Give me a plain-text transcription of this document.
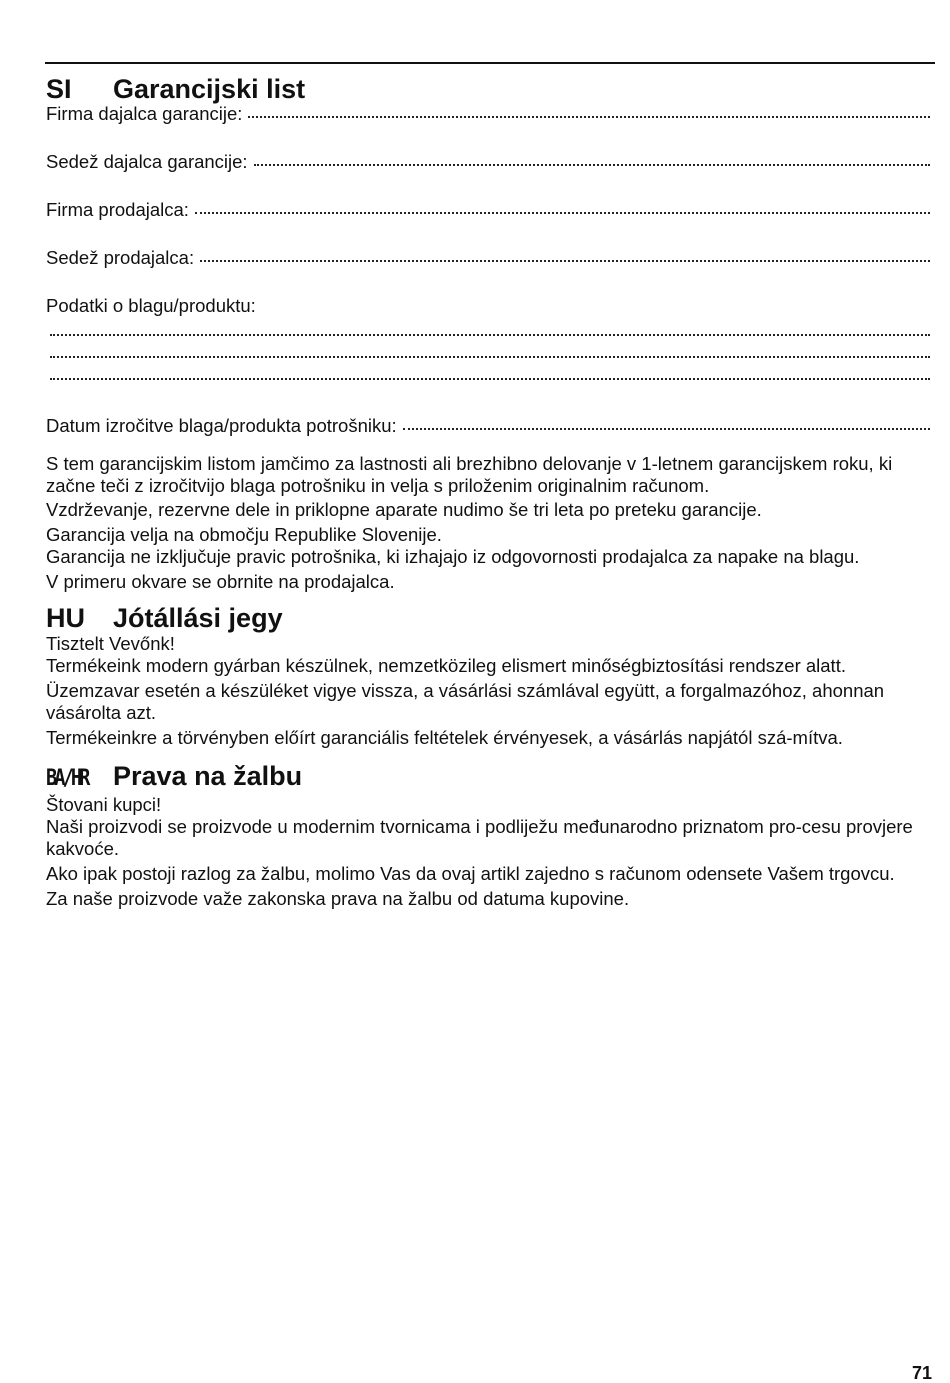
SI	Garancijski list
Firma dajalca garancije:
Sedež dajalca garancije:
Firma prodajalca:
Sedež prodajalca:
Podatki o blagu/produktu:
Datum izročitve blaga/produkta potrošniku:

S tem garancijskim listom jamčimo za lastnosti ali brezhibno delovanje v 1-letnem garancijskem roku, ki začne teči z izročitvijo blaga potrošniku in velja s priloženim originalnim računom.

Vzdrževanje, rezervne dele in priklopne aparate nudimo še tri leta po preteku garancije.

Garancija velja na območju Republike Slovenije.

Garancija ne izključuje pravic potrošnika, ki izhajajo iz odgovornosti prodajalca za napake na blagu.

V primeru okvare se obrnite na prodajalca.

HU	Jótállási jegy

Tisztelt Vevőnk!

Termékeink modern gyárban készülnek, nemzetközileg elismert minőségbiztosítási rendszer alatt.

Üzemzavar esetén a készüléket vigye vissza, a vásárlási számlával együtt, a forgalmazóhoz, ahonnan vásárolta azt.

Termékeinkre a törvényben előírt garanciális feltételek érvényesek, a vásárlás napjától szá-mítva.

BA/HR Prava na žalbu

Štovani kupci!

Naši proizvodi se proizvode u modernim tvornicama i podliježu međunarodno priznatom pro-cesu provjere kakvoće.

Ako ipak postoji razlog za žalbu, molimo Vas da ovaj artikl zajedno s računom odensete Vašem trgovcu.

Za naše proizvode važe zakonska prava na žalbu od datuma kupovine.

71
